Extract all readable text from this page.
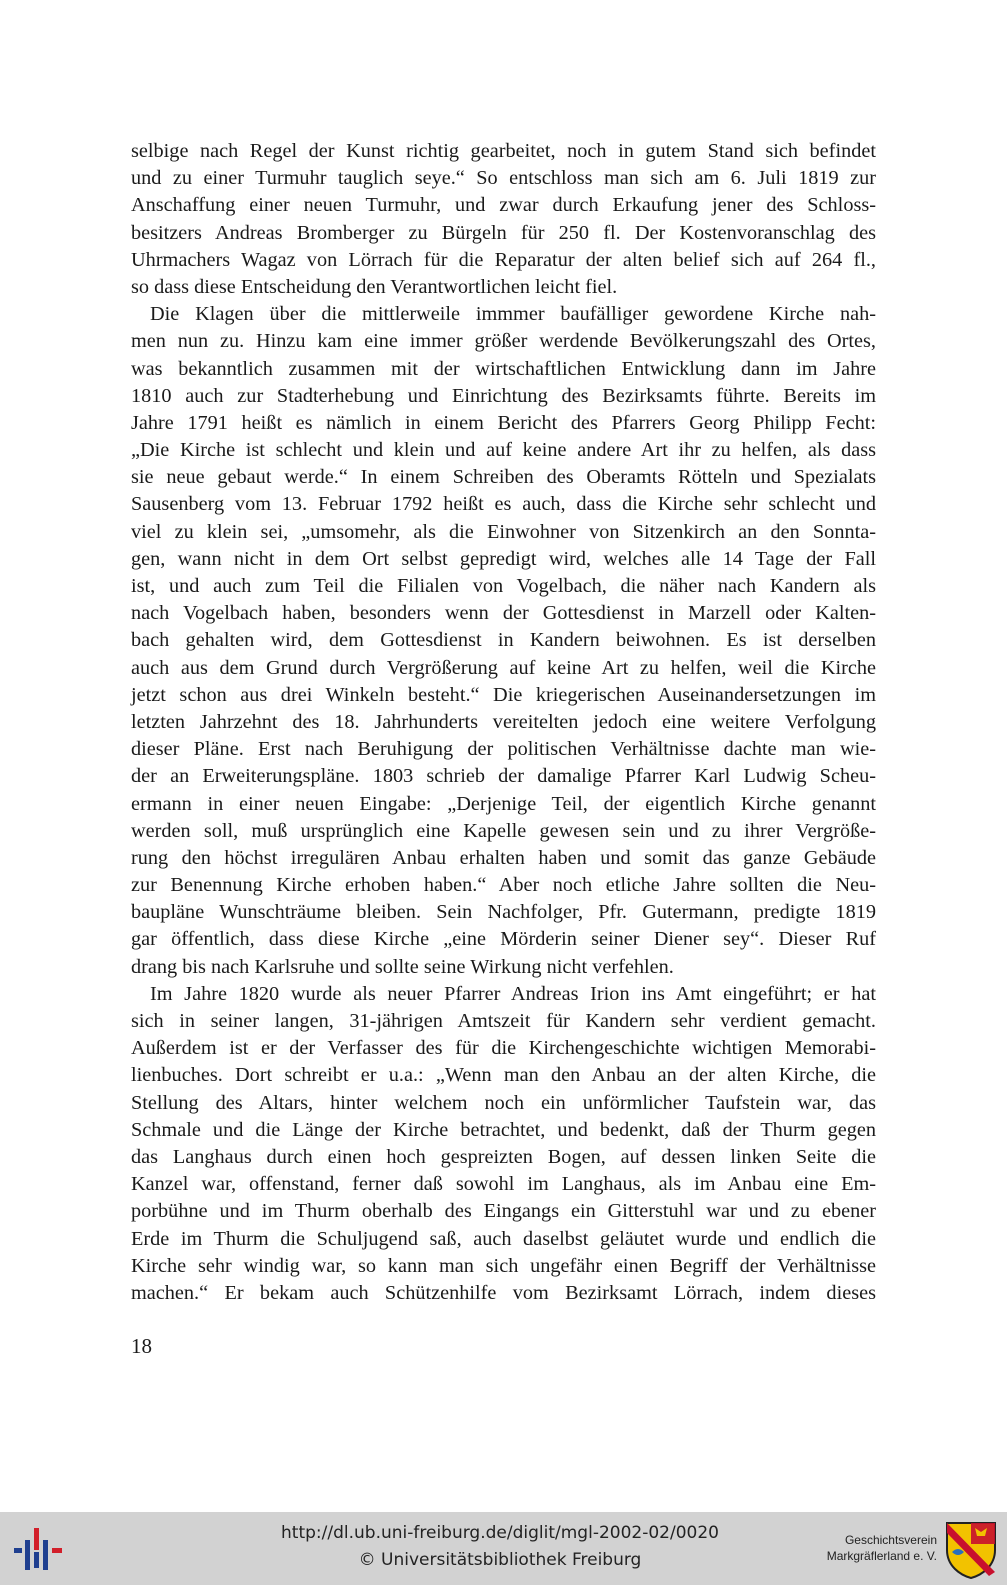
selbige nach Regel der Kunst richtig gearbeitet, noch in gutem Stand sich befindet
und zu einer Turmuhr tauglich seye.“ So entschloss man sich am 6. Juli 1819 zur
Anschaffung einer neuen Turmuhr, und zwar durch Erkaufung jener des Schloss-
besitzers Andreas Bromberger zu Bürgeln für 250 fl. Der Kostenvoranschlag des
Uhrmachers Wagaz von Lörrach für die Reparatur der alten belief sich auf 264 fl.,
so dass diese Entscheidung den Verantwortlichen leicht fiel.
Die Klagen über die mittlerweile immmer baufälliger gewordene Kirche nah-
men nun zu. Hinzu kam eine immer größer werdende Bevölkerungszahl des Ortes,
was bekanntlich zusammen mit der wirtschaftlichen Entwicklung dann im Jahre
1810 auch zur Stadterhebung und Einrichtung des Bezirksamts führte. Bereits im
Jahre 1791 heißt es nämlich in einem Bericht des Pfarrers Georg Philipp Fecht:
„Die Kirche ist schlecht und klein und auf keine andere Art ihr zu helfen, als dass
sie neue gebaut werde.“ In einem Schreiben des Oberamts Rötteln und Spezialats
Sausenberg vom 13. Februar 1792 heißt es auch, dass die Kirche sehr schlecht und
viel zu klein sei, „umsomehr, als die Einwohner von Sitzenkirch an den Sonnta-
gen, wann nicht in dem Ort selbst gepredigt wird, welches alle 14 Tage der Fall
ist, und auch zum Teil die Filialen von Vogelbach, die näher nach Kandern als
nach Vogelbach haben, besonders wenn der Gottesdienst in Marzell oder Kalten-
bach gehalten wird, dem Gottesdienst in Kandern beiwohnen. Es ist derselben
auch aus dem Grund durch Vergrößerung auf keine Art zu helfen, weil die Kirche
jetzt schon aus drei Winkeln besteht.“ Die kriegerischen Auseinandersetzungen im
letzten Jahrzehnt des 18. Jahrhunderts vereitelten jedoch eine weitere Verfolgung
dieser Pläne. Erst nach Beruhigung der politischen Verhältnisse dachte man wie-
der an Erweiterungspläne. 1803 schrieb der damalige Pfarrer Karl Ludwig Scheu-
ermann in einer neuen Eingabe: „Derjenige Teil, der eigentlich Kirche genannt
werden soll, muß ursprünglich eine Kapelle gewesen sein und zu ihrer Vergröße-
rung den höchst irregulären Anbau erhalten haben und somit das ganze Gebäude
zur Benennung Kirche erhoben haben.“ Aber noch etliche Jahre sollten die Neu-
baupläne Wunschträume bleiben. Sein Nachfolger, Pfr. Gutermann, predigte 1819
gar öffentlich, dass diese Kirche „eine Mörderin seiner Diener sey“. Dieser Ruf
drang bis nach Karlsruhe und sollte seine Wirkung nicht verfehlen.
Im Jahre 1820 wurde als neuer Pfarrer Andreas Irion ins Amt eingeführt; er hat
sich in seiner langen, 31-jährigen Amtszeit für Kandern sehr verdient gemacht.
Außerdem ist er der Verfasser des für die Kirchengeschichte wichtigen Memorabi-
lienbuches. Dort schreibt er u.a.: „Wenn man den Anbau an der alten Kirche, die
Stellung des Altars, hinter welchem noch ein unförmlicher Taufstein war, das
Schmale und die Länge der Kirche betrachtet, und bedenkt, daß der Thurm gegen
das Langhaus durch einen hoch gespreizten Bogen, auf dessen linken Seite die
Kanzel war, offenstand, ferner daß sowohl im Langhaus, als im Anbau eine Em-
porbühne und im Thurm oberhalb des Eingangs ein Gitterstuhl war und zu ebener
Erde im Thurm die Schuljugend saß, auch daselbst geläutet wurde und endlich die
Kirche sehr windig war, so kann man sich ungefähr einen Begriff der Verhältnisse
machen.“ Er bekam auch Schützenhilfe vom Bezirksamt Lörrach, indem dieses
18
http://dl.ub.uni-freiburg.de/diglit/mgl-2002-02/0020
© Universitätsbibliothek Freiburg
Geschichtsverein
Markgräflerland e. V.
